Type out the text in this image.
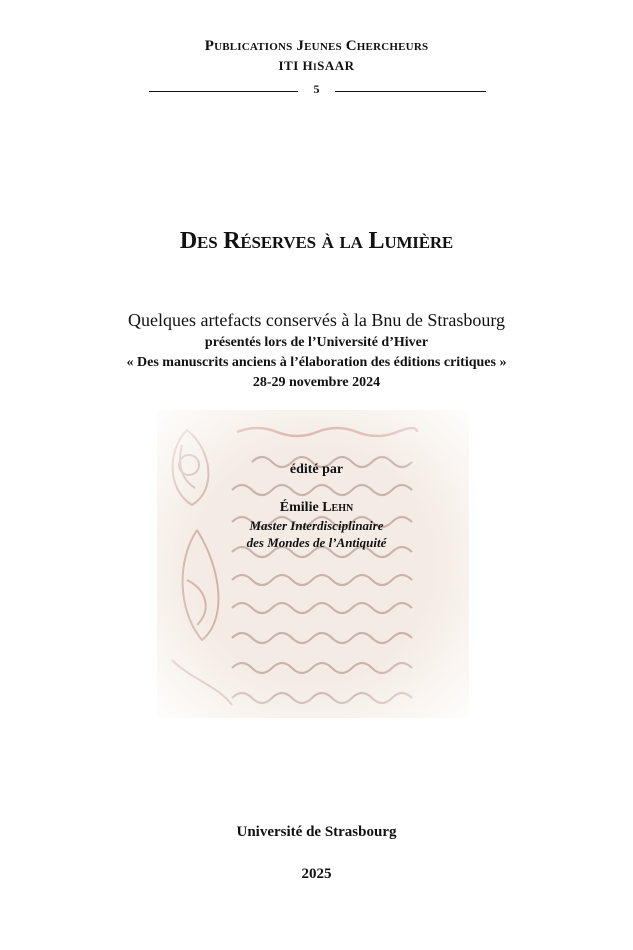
Publications Jeunes Chercheurs
ITI HiSAAR
5
Des Réserves à la Lumière
Quelques artefacts conservés à la Bnu de Strasbourg
présentés lors de l’Université d’Hiver
« Des manuscrits anciens à l’élaboration des éditions critiques »
28-29 novembre 2024
édité par
Émilie Lehn
Master Interdisciplinaire
des Mondes de l’Antiquité
Université de Strasbourg
2025
